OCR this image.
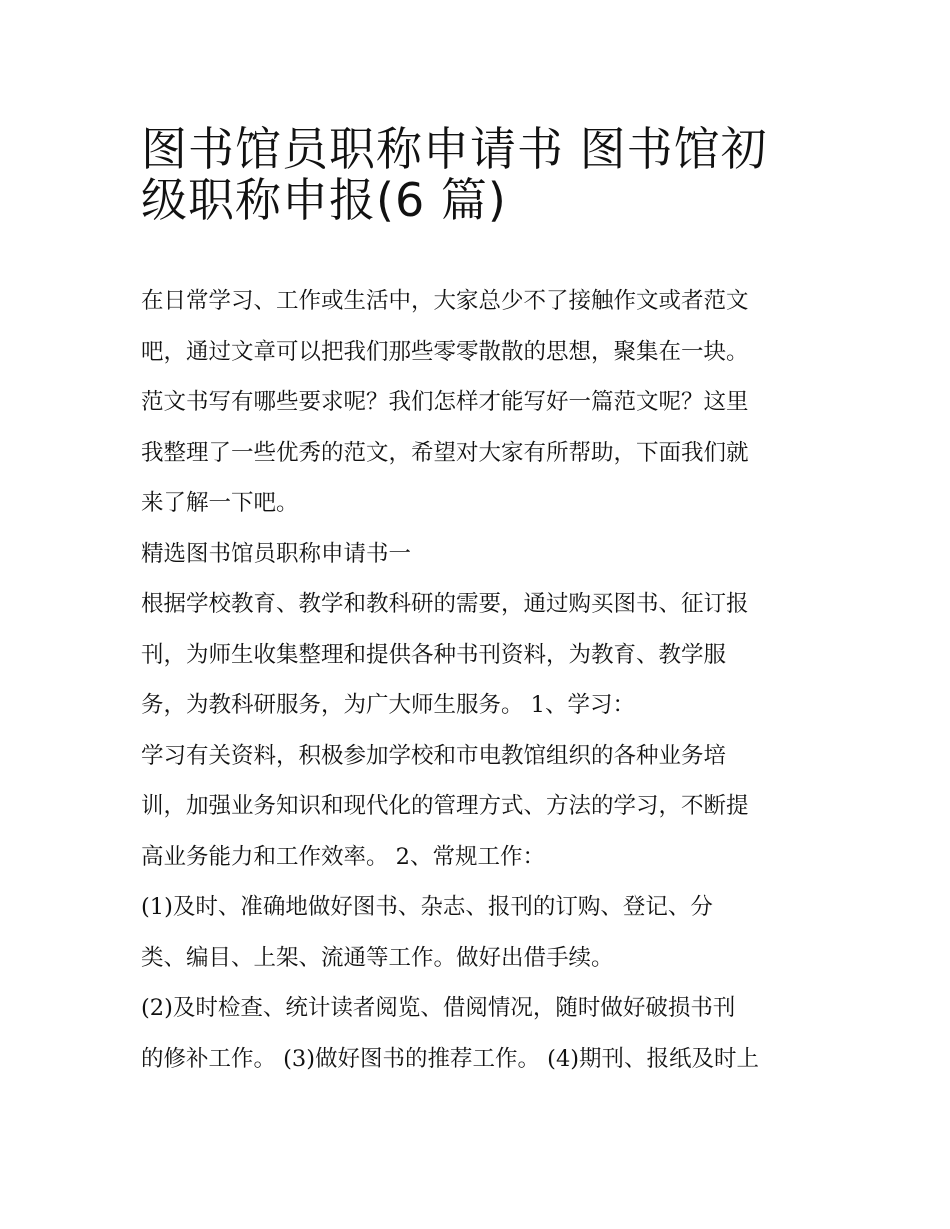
图书馆员职称申请书 图书馆初
级职称申报(6 篇)

在日常学习、工作或生活中，大家总少不了接触作文或者范文
吧，通过文章可以把我们那些零零散散的思想，聚集在一块。
范文书写有哪些要求呢？我们怎样才能写好一篇范文呢？这里
我整理了一些优秀的范文，希望对大家有所帮助，下面我们就
来了解一下吧。

精选图书馆员职称申请书一

根据学校教育、教学和教科研的需要，通过购买图书、征订报
刊，为师生收集整理和提供各种书刊资料，为教育、教学服
务，为教科研服务，为广大师生服务。 1、学习：

学习有关资料，积极参加学校和市电教馆组织的各种业务培
训，加强业务知识和现代化的管理方式、方法的学习，不断提
高业务能力和工作效率。 2、常规工作：

(1)及时、准确地做好图书、杂志、报刊的订购、登记、分
类、编目、上架、流通等工作。做好出借手续。

(2)及时检查、统计读者阅览、借阅情况，随时做好破损书刊
的修补工作。 (3)做好图书的推荐工作。 (4)期刊、报纸及时上
